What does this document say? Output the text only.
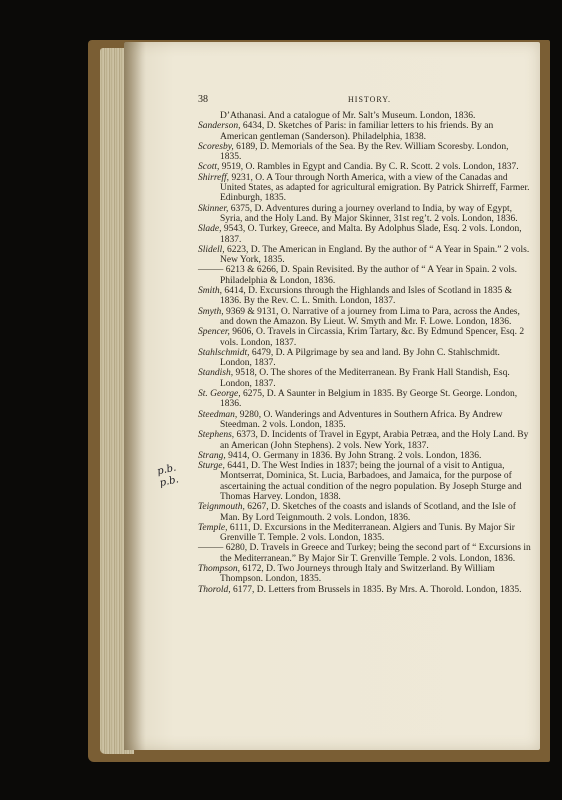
38	HISTORY.
p.b.
p.b.
D’Athanasi. And a catalogue of Mr. Salt’s Museum. London, 1836.
Sanderson, 6434, D. Sketches of Paris: in familiar letters to his friends. By an American gentleman (Sanderson). Philadelphia, 1838.
Scoresby, 6189, D. Memorials of the Sea. By the Rev. William Scoresby. London, 1835.
Scott, 9519, O. Rambles in Egypt and Candia. By C. R. Scott. 2 vols. London, 1837.
Shirreff, 9231, O. A Tour through North America, with a view of the Canadas and United States, as adapted for agricultural emigration. By Patrick Shirreff, Farmer. Edinburgh, 1835.
Skinner, 6375, D. Adventures during a journey overland to India, by way of Egypt, Syria, and the Holy Land. By Major Skinner, 31st reg’t. 2 vols. London, 1836.
Slade, 9543, O. Turkey, Greece, and Malta. By Adolphus Slade, Esq. 2 vols. London, 1837.
Slidell, 6223, D. The American in England. By the author of “ A Year in Spain.” 2 vols. New York, 1835.
——— 6213 & 6266, D. Spain Revisited. By the author of “ A Year in Spain. 2 vols. Philadelphia & London, 1836.
Smith, 6414, D. Excursions through the Highlands and Isles of Scotland in 1835 & 1836. By the Rev. C. L. Smith. London, 1837.
Smyth, 9369 & 9131, O. Narrative of a journey from Lima to Para, across the Andes, and down the Amazon. By Lieut. W. Smyth and Mr. F. Lowe. London, 1836.
Spencer, 9606, O. Travels in Circassia, Krim Tartary, &c. By Edmund Spencer, Esq. 2 vols. London, 1837.
Stahlschmidt, 6479, D. A Pilgrimage by sea and land. By John C. Stahlschmidt. London, 1837.
Standish, 9518, O. The shores of the Mediterranean. By Frank Hall Standish, Esq. London, 1837.
St. George, 6275, D. A Saunter in Belgium in 1835. By George St. George. London, 1836.
Steedman, 9280, O. Wanderings and Adventures in Southern Africa. By Andrew Steedman. 2 vols. London, 1835.
Stephens, 6373, D. Incidents of Travel in Egypt, Arabia Petræa, and the Holy Land. By an American (John Stephens). 2 vols. New York, 1837.
Strang, 9414, O. Germany in 1836. By John Strang. 2 vols. London, 1836.
Sturge, 6441, D. The West Indies in 1837; being the journal of a visit to Antigua, Montserrat, Dominica, St. Lucia, Barbadoes, and Jamaica, for the purpose of ascertaining the actual condition of the negro population. By Joseph Sturge and Thomas Harvey. London, 1838.
Teignmouth, 6267, D. Sketches of the coasts and islands of Scotland, and the Isle of Man. By Lord Teignmouth. 2 vols. London, 1836.
Temple, 6111, D. Excursions in the Mediterranean. Algiers and Tunis. By Major Sir Grenville T. Temple. 2 vols. London, 1835.
——— 6280, D. Travels in Greece and Turkey; being the second part of “ Excursions in the Mediterranean.” By Major Sir T. Grenville Temple. 2 vols. London, 1836.
Thompson, 6172, D. Two Journeys through Italy and Switzerland. By William Thompson. London, 1835.
Thorold, 6177, D. Letters from Brussels in 1835. By Mrs. A. Thorold. London, 1835.
